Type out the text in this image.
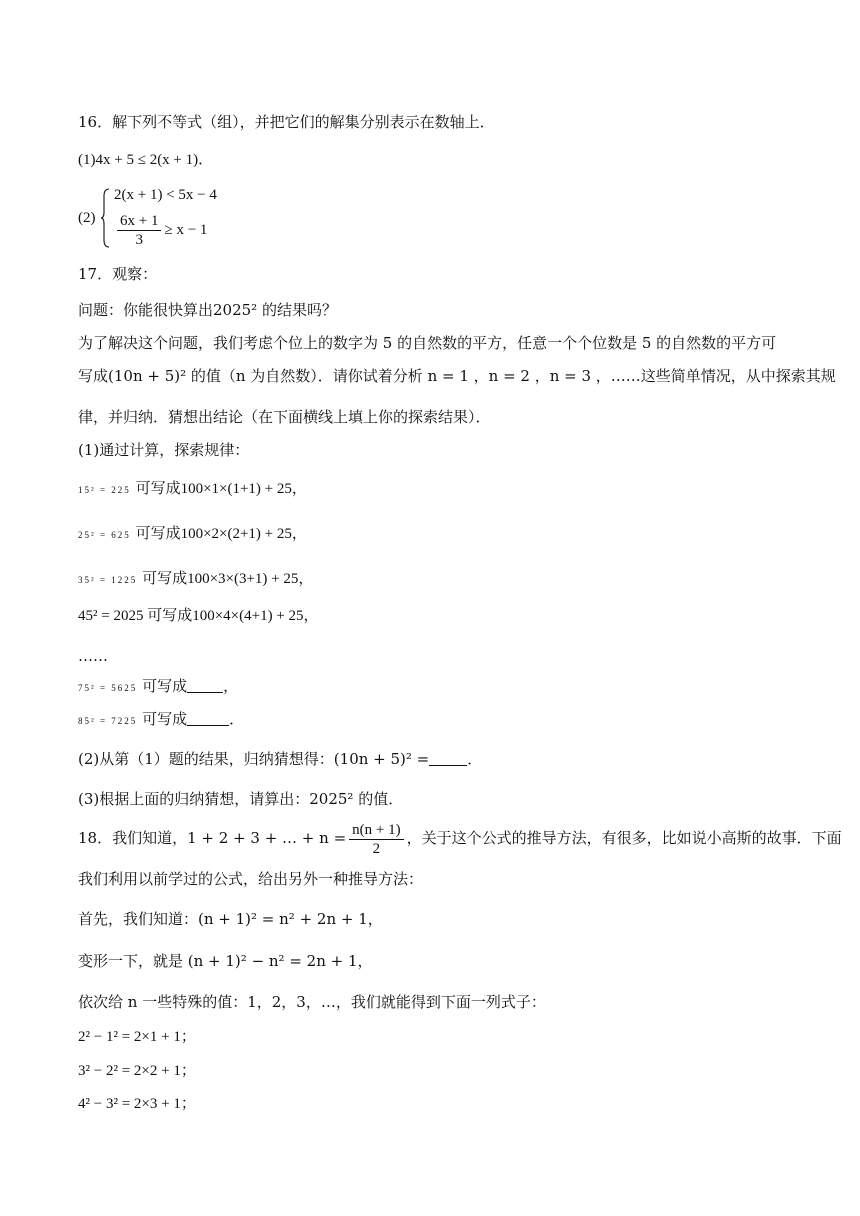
16．解下列不等式（组），并把它们的解集分别表示在数轴上．
(1)4x + 5 ≤ 2(x + 1)．
(2)
2(x + 1) < 5x − 4
$\frac{6x + 1}{3} \ge x - 1$
17．观察：
问题：你能很快算出2025² 的结果吗？
为了解决这个问题，我们考虑个位上的数字为 5 的自然数的平方，任意一个个位数是 5 的自然数的平方可
写成(10n + 5)² 的值（n 为自然数）．请你试着分析 n = 1 ，n = 2 ，n = 3 ，……这些简单情况，从中探索其规
律，并归纳．猜想出结论（在下面横线上填上你的探索结果）．
(1)通过计算，探索规律：
15² = 225 可写成100×1×(1+1) + 25，
25² = 625 可写成100×2×(2+1) + 25，
35² = 1225 可写成100×3×(3+1) + 25，
45² = 2025 可写成100×4×(4+1) + 25，
……
75² = 5625 可写成 ，
85² = 7225 可写成	．
(2)从第（1）题的结果，归纳猜想得：(10n + 5)² =	．
(3)根据上面的归纳猜想，请算出：2025² 的值．
18．我们知道，1 + 2 + 3 + … + $n = \frac{n(n + 1)}{2}$ ，关于这个公式的推导方法，有很多，比如说小高斯的故事．下面
我们利用以前学过的公式，给出另外一种推导方法：
首先，我们知道：(n + 1)² = n² + 2n + 1，
变形一下，就是 (n + 1)² − n² = 2n + 1，
依次给 n 一些特殊的值：1，2，3，…，我们就能得到下面一列式子：
2² − 1² = 2×1 + 1；
3² − 2² = 2×2 + 1；
4² − 3² = 2×3 + 1；
